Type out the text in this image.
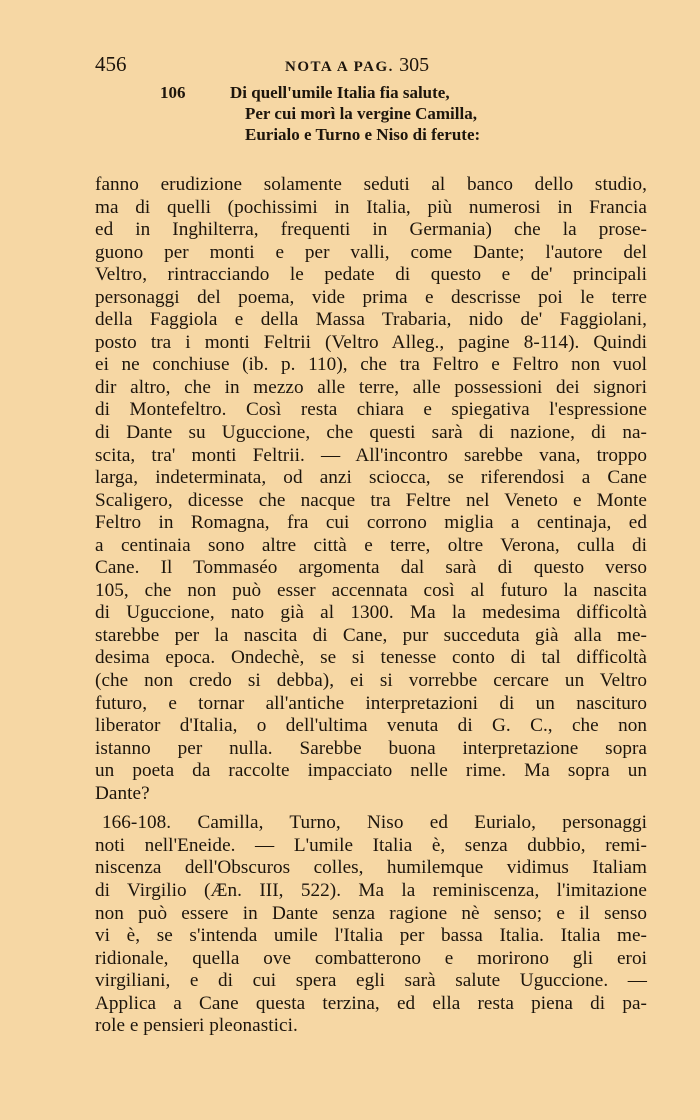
456	NOTA A PAG. 305
106	Di quell'umile Italia fia salute,
Per cui morì la vergine Camilla,
Eurialo e Turno e Niso di ferute:
fanno erudizione solamente seduti al banco dello studio,
ma di quelli (pochissimi in Italia, più numerosi in Francia
ed in Inghilterra, frequenti in Germania) che la prose-
guono per monti e per valli, come Dante; l'autore del
Veltro, rintracciando le pedate di questo e de' principali
personaggi del poema, vide prima e descrisse poi le terre
della Faggiola e della Massa Trabaria, nido de' Faggiolani,
posto tra i monti Feltrii (Veltro Alleg., pagine 8-114). Quindi
ei ne conchiuse (ib. p. 110), che tra Feltro e Feltro non vuol
dir altro, che in mezzo alle terre, alle possessioni dei signori
di Montefeltro. Così resta chiara e spiegativa l'espressione
di Dante su Uguccione, che questi sarà di nazione, di na-
scita, tra' monti Feltrii. — All'incontro sarebbe vana, troppo
larga, indeterminata, od anzi sciocca, se riferendosi a Cane
Scaligero, dicesse che nacque tra Feltre nel Veneto e Monte
Feltro in Romagna, fra cui corrono miglia a centinaja, ed
a centinaia sono altre città e terre, oltre Verona, culla di
Cane. Il Tommaséo argomenta dal sarà di questo verso
105, che non può esser accennata così al futuro la nascita
di Uguccione, nato già al 1300. Ma la medesima difficoltà
starebbe per la nascita di Cane, pur succeduta già alla me-
desima epoca. Ondechè, se si tenesse conto di tal difficoltà
(che non credo si debba), ei si vorrebbe cercare un Veltro
futuro, e tornar all'antiche interpretazioni di un nascituro
liberator d'Italia, o dell'ultima venuta di G. C., che non
istanno per nulla. Sarebbe buona interpretazione sopra
un poeta da raccolte impacciato nelle rime. Ma sopra un
Dante?
166-108. Camilla, Turno, Niso ed Eurialo, personaggi
noti nell'Eneide. — L'umile Italia è, senza dubbio, remi-
niscenza dell'Obscuros colles, humilemque vidimus Italiam
di Virgilio (Æn. III, 522). Ma la reminiscenza, l'imitazione
non può essere in Dante senza ragione nè senso; e il senso
vi è, se s'intenda umile l'Italia per bassa Italia. Italia me-
ridionale, quella ove combatterono e morirono gli eroi
virgiliani, e di cui spera egli sarà salute Uguccione. —
Applica a Cane questa terzina, ed ella resta piena di pa-
role e pensieri pleonastici.
